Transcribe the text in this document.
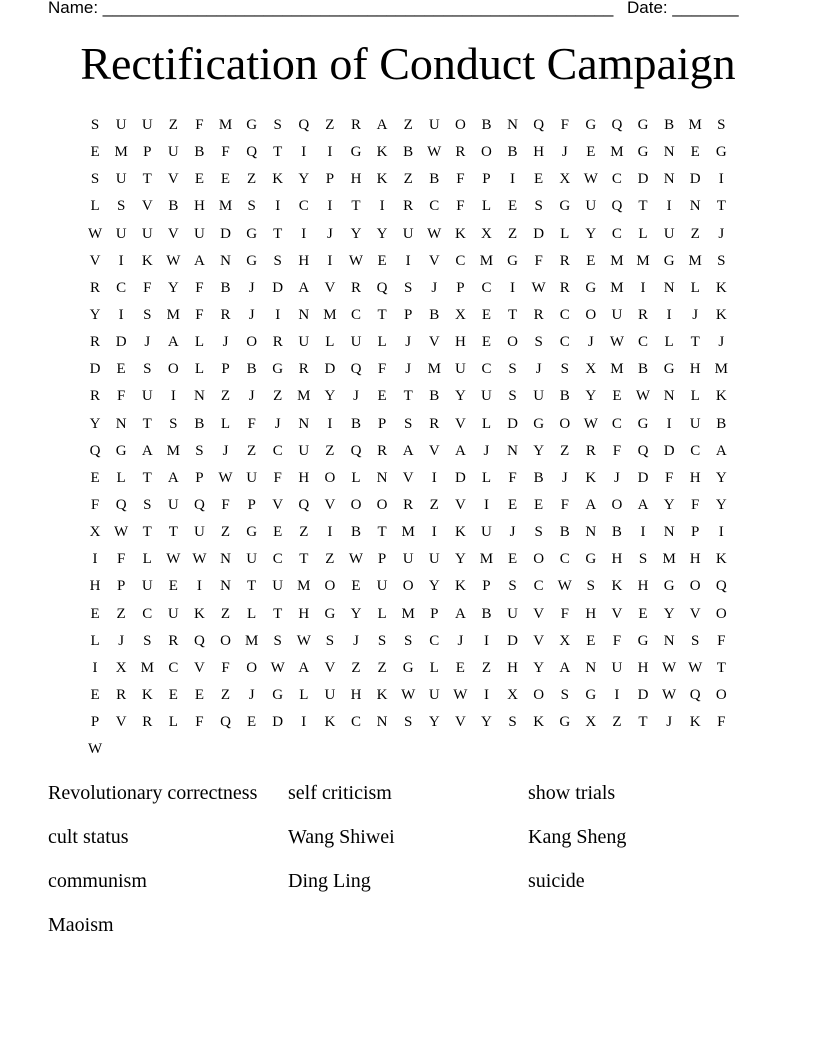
Name: ______________________________________________________ Date: _______
Rectification of Conduct Campaign
S	U	U	Z	F	M G	S	Q	Z	R	A	Z	U	O	B	N	Q	F	G	Q	G	B M	S
E M	P	U	B	F	Q	T	I	I	G	K	B W R	O	B	H	J	E M G	N	E	G
S	U	T	V	E	E	Z	K	Y	P	H	K	Z	B	F	P	I	E	X W C	D	N	D	I
L	S	V	B	H M	S	I	C	I	T	I	R	C	F	L	E	S	G	U	Q	T	I	N	T
W U	U	V	U	D	G	T	I	J	Y	Y	U W K	X	Z	D	L	Y	C	L	U	Z	J
V	I	K W A	N	G	S	H	I	W E	I	V	C M G	F	R	E M M G M	S
R	C	F	Y	F	B	J	D	A	V	R	Q	S	J	P	C	I	W R	G M	I	N	L	K
Y	I	S	M	F	R	J	I	N M C	T	P	B	X	E	T	R	C	O	U	R	I	J	K
R	D	J	A	L	J	O	R	U	L	U	L	J	V	H	E	O	S	C	J	W C	L	T	J
D	E	S	O	L	P	B	G	R	D	Q	F	J	M U	C	S	J	S	X M B	G	H M
R	F	U	I	N	Z	J	Z M Y	J	E	T	B	Y	U	S	U	B	Y	E W N	L	K
Y	N	T	S	B	L	F	J	N	I	B	P	S	R	V	L	D	G	O W C	G	I	U	B
Q	G	A M	S	J	Z	C	U	Z	Q	R	A	V	A	J	N	Y	Z	R	F	Q	D	C	A
E	L	T	A	P W U	F	H	O	L	N	V	I	D	L	F	B	J	K	J	D	F	H	Y
F	Q	S	U	Q	F	P	V	Q	V	O	O	R	Z	V	I	E	E	F	A	O	A	Y	F	Y
X W T	T	U	Z	G	E	Z	I	B	T M	I	K	U	J	S	B	N	B	I	N	P	I
I	F	L W W N	U	C	T	Z W P	U	U	Y M E	O	C	G	H	S	M H	K
H	P	U	E	I	N	T	U M O	E	U	O	Y	K	P	S	C W S	K	H	G	O	Q
E	Z	C	U	K	Z	L	T	H	G	Y	L M	P	A	B	U	V	F	H	V	E	Y	V	O
L	J	S	R	Q	O M	S W S	J	S	S	C	J	I	D	V	X	E	F	G	N	S	F
I	X M C	V	F	O W A	V	Z	Z	G	L	E	Z	H	Y	A	N	U	H W W T
E	R	K	E	E	Z	J	G	L	U	H	K W U W	I	X	O	S	G	I	D W Q	O
P	V	R	L	F	Q	E	D	I	K	C	N	S	Y	V	Y	S	K	G	X	Z	T	J	K	F
W
Revolutionary correctness	self criticism	show trials
cult status	Wang Shiwei	Kang Sheng
communism	Ding Ling	suicide
Maoism
